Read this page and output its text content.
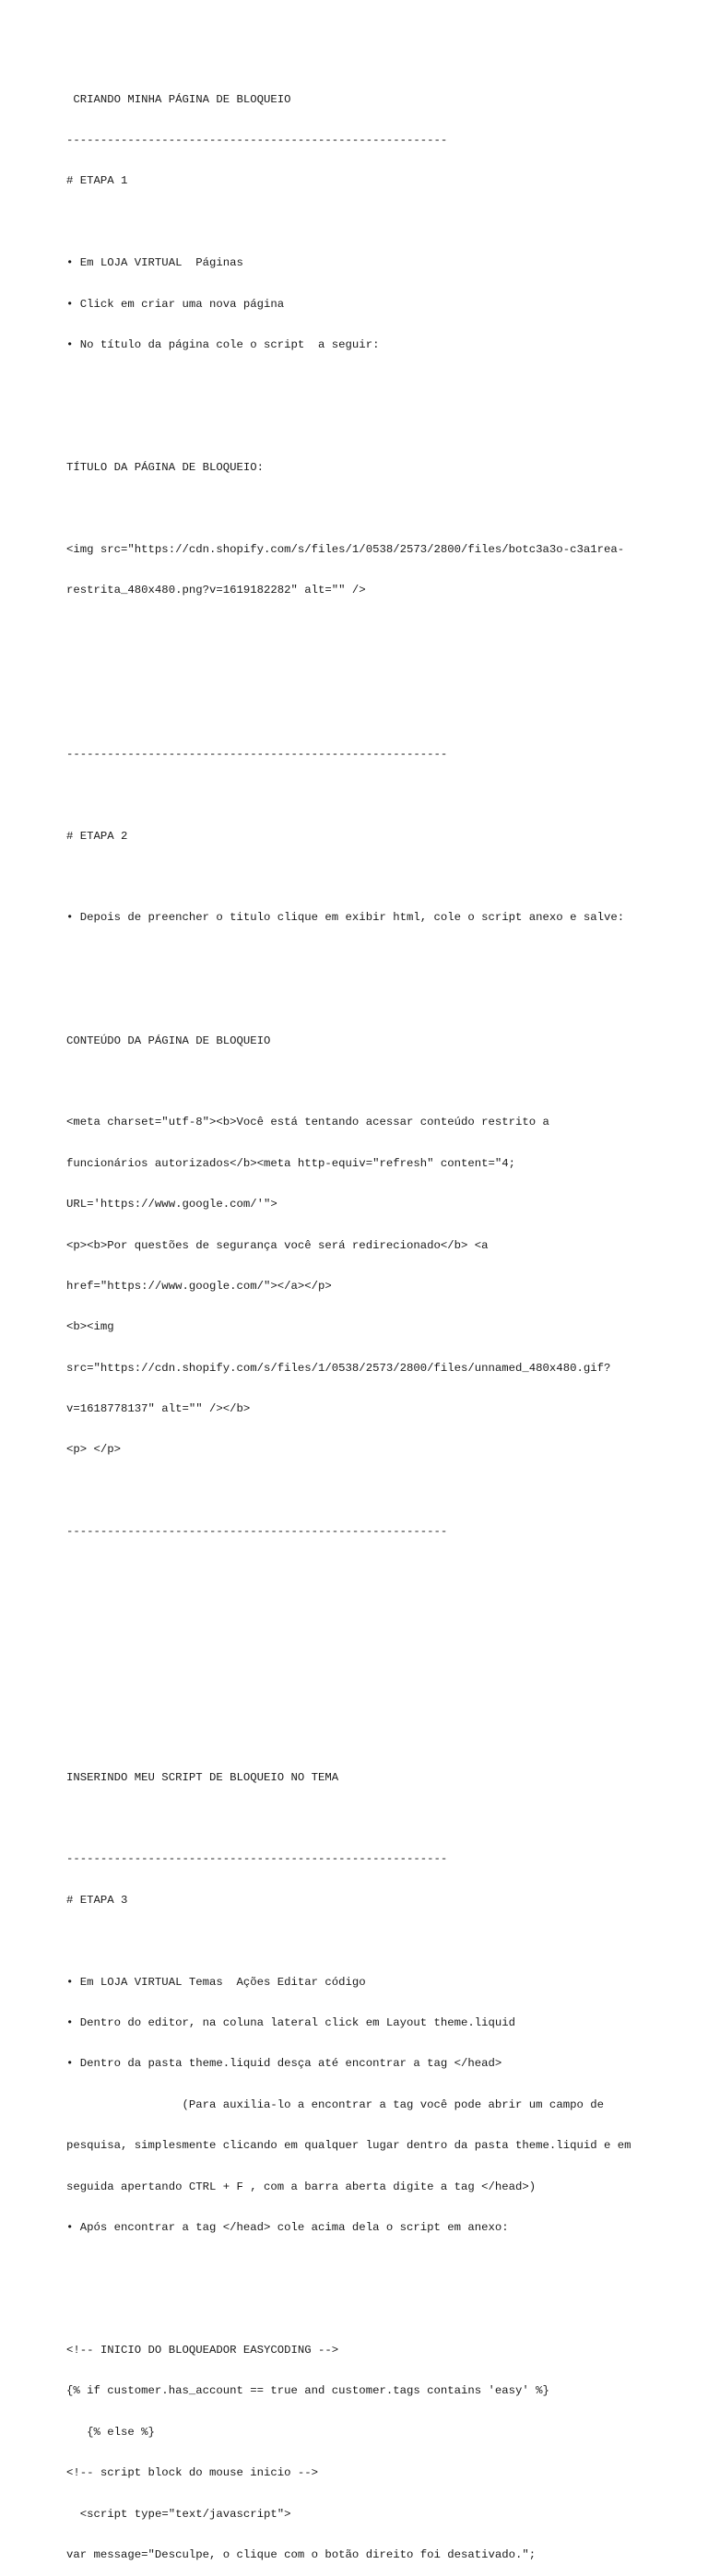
CRIANDO MINHA PÁGINA DE BLOQUEIO

--------------------------------------------------------

# ETAPA 1

• Em LOJA VIRTUAL  Páginas

• Click em criar uma nova página

• No título da página cole o script  a seguir:

TÍTULO DA PÁGINA DE BLOQUEIO:

<img src="https://cdn.shopify.com/s/files/1/0538/2573/2800/files/botc3a3o-c3a1rea-

restrita_480x480.png?v=1619182282" alt="" />

--------------------------------------------------------

# ETAPA 2

• Depois de preencher o titulo clique em exibir html, cole o script anexo e salve:

CONTEÚDO DA PÁGINA DE BLOQUEIO

<meta charset="utf-8"><b>Você está tentando acessar conteúdo restrito a

funcionários autorizados</b><meta http-equiv="refresh" content="4;

URL='https://www.google.com/'">

<p><b>Por questões de segurança você será redirecionado</b> <a

href="https://www.google.com/"></a></p>

<b><img

src="https://cdn.shopify.com/s/files/1/0538/2573/2800/files/unnamed_480x480.gif?

v=1618778137" alt="" /></b>

<p> </p>

--------------------------------------------------------

INSERINDO MEU SCRIPT DE BLOQUEIO NO TEMA

--------------------------------------------------------

# ETAPA 3

• Em LOJA VIRTUAL Temas  Ações Editar código

• Dentro do editor, na coluna lateral click em Layout theme.liquid

• Dentro da pasta theme.liquid desça até encontrar a tag </head>

(Para auxilia-lo a encontrar a tag você pode abrir um campo de

pesquisa, simplesmente clicando em qualquer lugar dentro da pasta theme.liquid e em

seguida apertando CTRL + F , com a barra aberta digite a tag </head>)

• Após encontrar a tag </head> cole acima dela o script em anexo:

<!-- INICIO DO BLOQUEADOR EASYCODING -->

{% if customer.has_account == true and customer.tags contains 'easy' %}

{% else %}

<!-- script block do mouse inicio -->

<script type="text/javascript">

var message="Desculpe, o clique com o botão direito foi desativado.";
